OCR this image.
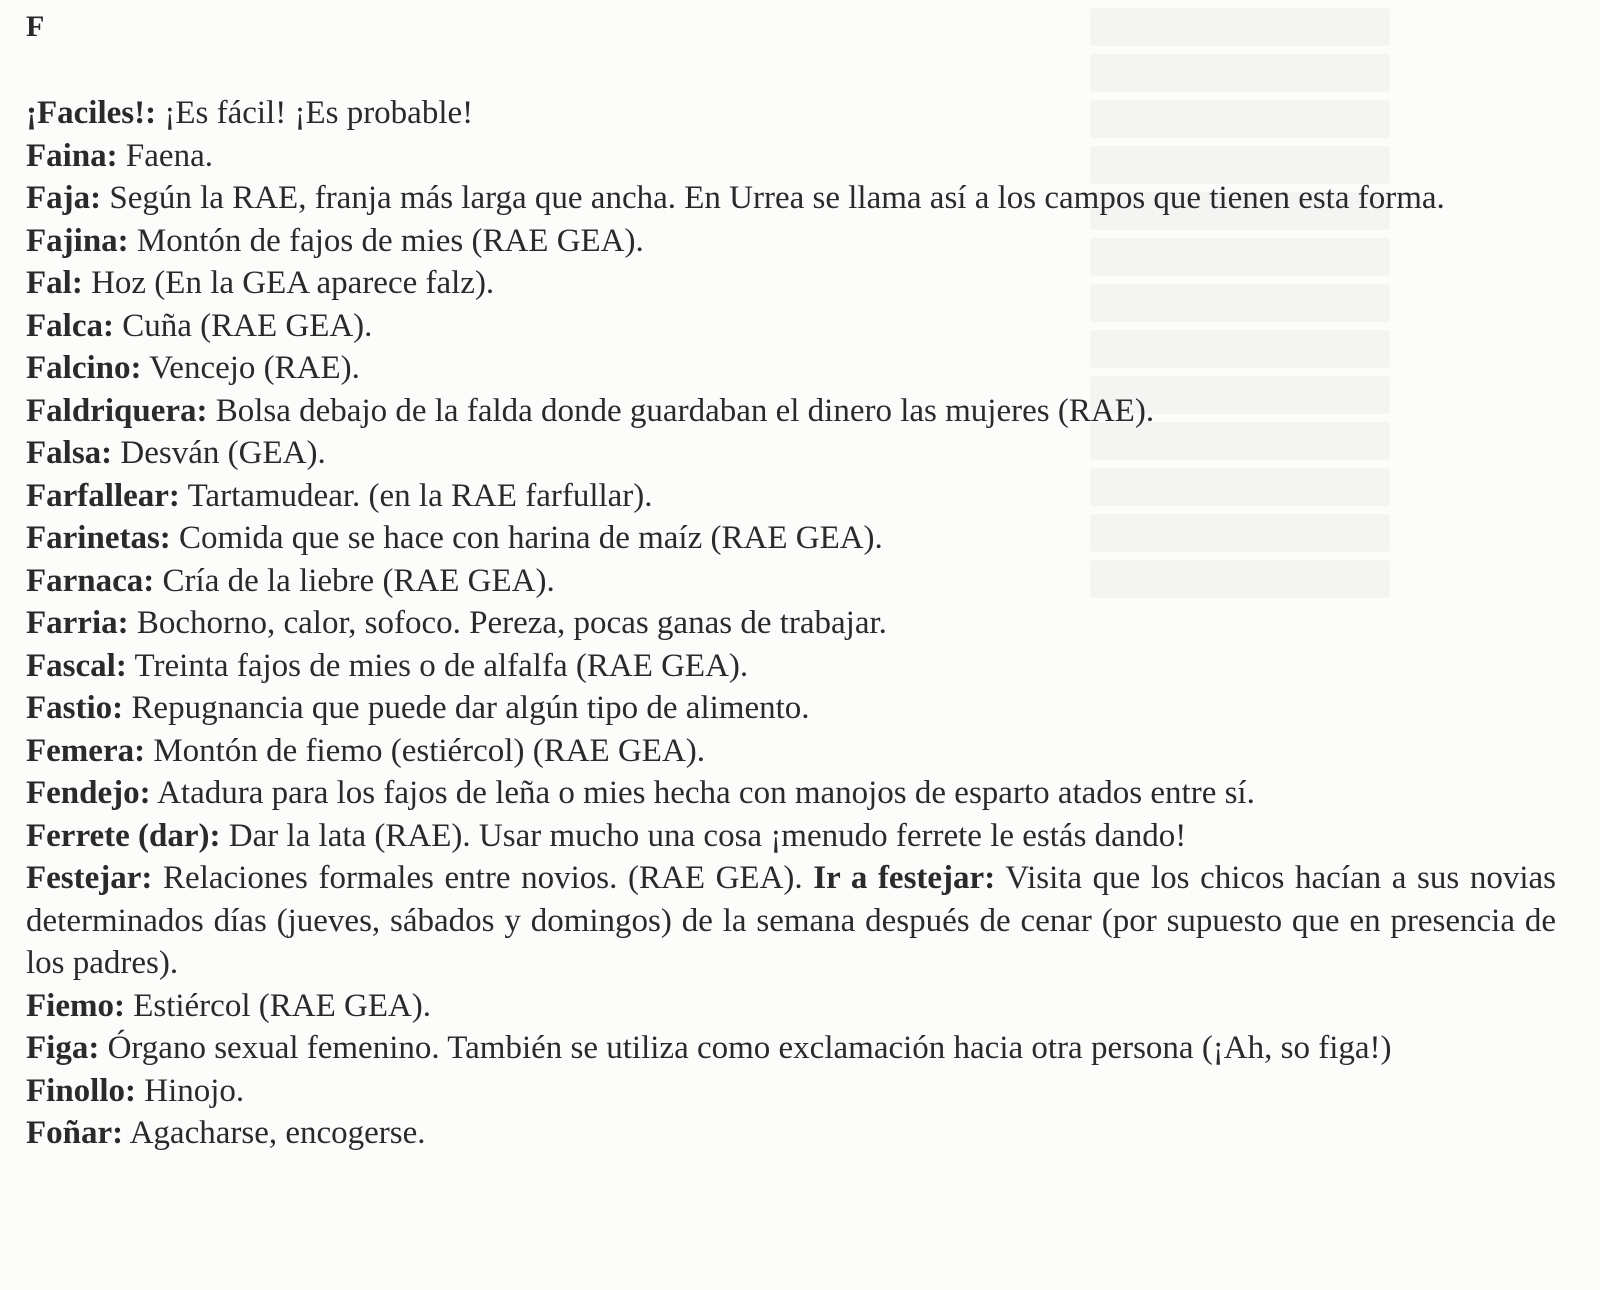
F

¡Faciles!: ¡Es fácil! ¡Es probable!

Faina: Faena.

Faja: Según la RAE, franja más larga que ancha. En Urrea se llama así a los campos que tienen esta forma.

Fajina: Montón de fajos de mies (RAE GEA).

Fal: Hoz (En la GEA aparece falz).

Falca: Cuña (RAE GEA).

Falcino: Vencejo (RAE).

Faldriquera: Bolsa debajo de la falda donde guardaban el dinero las mujeres (RAE).

Falsa: Desván (GEA).

Farfallear: Tartamudear. (en la RAE farfullar).

Farinetas: Comida que se hace con harina de maíz (RAE GEA).

Farnaca: Cría de la liebre (RAE GEA).

Farria: Bochorno, calor, sofoco. Pereza, pocas ganas de trabajar.

Fascal: Treinta fajos de mies o de alfalfa (RAE GEA).

Fastio: Repugnancia que puede dar algún tipo de alimento.

Femera: Montón de fiemo (estiércol) (RAE GEA).

Fendejo: Atadura para los fajos de leña o mies hecha con manojos de esparto atados entre sí.

Ferrete (dar): Dar la lata (RAE). Usar mucho una cosa ¡menudo ferrete le estás dando!

Festejar: Relaciones formales entre novios. (RAE GEA). Ir a festejar: Visita que los chicos hacían a sus novias determinados días (jueves, sábados y domingos) de la semana después de cenar (por supuesto que en presencia de los padres).

Fiemo: Estiércol (RAE GEA).

Figa: Órgano sexual femenino. También se utiliza como exclamación hacia otra persona (¡Ah, so figa!)

Finollo: Hinojo.

Foñar: Agacharse, encogerse.
